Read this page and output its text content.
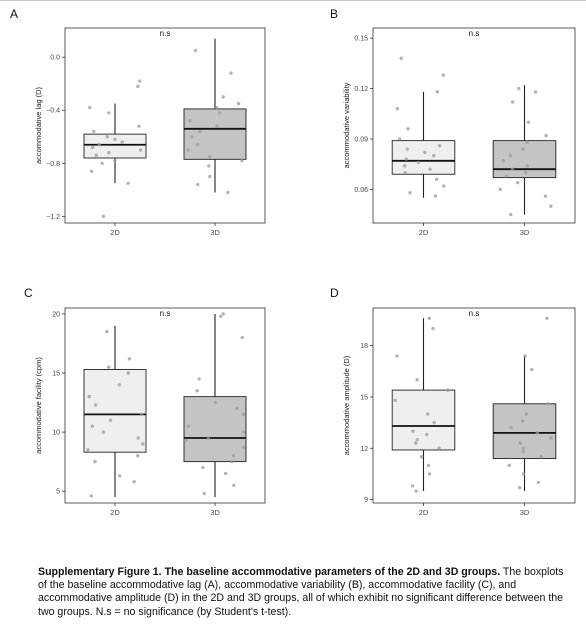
A
n.s
0.0
−0.4
−0.8
−1.2
accommodative lag (D)
2D	3D
B
n.s
0.06
0.09
0.12
0.15
accommodative variability
2D	3D
C
n.s
5
10
15
20
accommodative facility (cpm)
2D	3D
D
n.s
9
12
15
18
accommodative amplitude (D)
2D	3D
Supplementary Figure 1. The baseline accommodative parameters of the 2D and 3D groups. The boxplots of the baseline accommodative lag (A), accommodative variability (B), accommodative facility (C), and accommodative amplitude (D) in the 2D and 3D groups, all of which exhibit no significant difference between the two groups. N.s = no significance (by Student's t-test).
